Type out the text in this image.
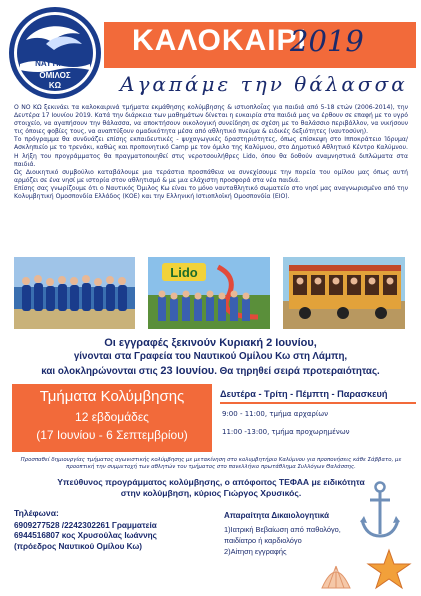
ΝΑΥΤΙΚΟΣ
ΟΜΙΛΟΣ
ΚΩ
ΚΑΛΟΚΑΙΡΙ
2019
Αγαπάμε την θάλασσα

Ο ΝΟ ΚΩ ξεκινάει τα καλοκαιρινά τμήματα εκμάθησης κολύμβησης & ιστιοπλοΐας για παιδιά από 5-18 ετών (2006-2014), την Δευτέρα 17 Ιουνίου 2019. Κατά την διάρκεια των μαθημάτων δίνεται η ευκαιρία στα παιδιά μας να έρθουν σε επαφή με το υγρό στοιχείο, να αγαπήσουν την θάλασσα, να αποκτήσουν οικολογική συνείδηση σε σχέση με το θαλάσσιο περιβάλλον, να νικήσουν τις όποιες φοβίες τους, να αναπτύξουν ομαδικότητα μέσα από αθλητικό πνεύμα & ειδικές δεξιότητες (ναυτοσύνη).

Το πρόγραμμα θα συνδυάζει επίσης εκπαιδευτικές - ψυχαγωγικές δραστηριότητες, όπως επίσκεψη στο Ιπποκράτειο Ίδρυμα/Ασκληπιείο με το τρενάκι, καθώς και προπονητικό Camp με τον όμιλο της Καλύμνου, στο Δημοτικό Αθλητικό Κέντρο Καλύμνου. Η λήξη του προγράμματος θα πραγματοποιηθεί στις νεροτσουλήθρες Lido, όπου θα δοθούν αναμνηστικά διπλώματα στα παιδιά.

Ως Διοικητικό συμβούλιο καταβάλουμε μια τεράστια προσπάθεια να συνεχίσουμε την πορεία του ομίλου μας όπως αυτή αρμόζει σε ένα νησί με ιστορία στον αθλητισμό & με μια ελάχιστη προσφορά στα νέα παιδιά.

Επίσης σας γνωρίζουμε ότι ο Ναυτικός Όμιλος Κω είναι το μόνο ναυταθλητικό σωματείο στο νησί μας αναγνωρισμένο από την Κολυμβητική Ομοσπονδία Ελλάδος (ΚΟΕ) και την Ελληνική Ιστιοπλοϊκή Ομοσπονδία (ΕΙΟ).

Lido
Οι εγγραφές ξεκινούν Κυριακή 2 Ιουνίου,
γίνονται στα Γραφεία του Ναυτικού Ομίλου Κω στη Λάμπη,
και ολοκληρώνονται στις 23 Ιουνίου. Θα τηρηθεί σειρά προτεραιότητας.
Τμήματα Κολύμβησης
12 εβδομάδες
(17 Ιουνίου - 6 Σεπτεμβρίου)
Δευτέρα - Τρίτη - Πέμπτη - Παρασκευή
9:00 - 11:00, τμήμα αρχαρίων
11:00 -13:00, τμήμα προχωρημένων
Προσπαθεί δημιουργίας τμήματος αγωνιστικής κολύμβησης με μετακίνηση στο κολυμβητήριο Καλύμνου για προπονήσεις κάθε Σάββατο, με προοπτική την συμμετοχή των αθλητών του τμήματος στο πανελλήνιο πρωτάθλημα Συλλόγων Θαλάσσης.
Υπεύθυνος προγράμματος κολύμβησης, ο απόφοιτος ΤΕΦΑΑ με ειδικότητα
στην κολύμβηση, κύριος Γιώργος Χρυσικός.
Τηλέφωνα:
6909277528 /2242302261 Γραμματεία
6944516807 κος Χρυσούλας Ιωάννης
(πρόεδρος Ναυτικού Ομίλου Κω)
Απαραίτητα Δικαιολογητικά
1)Ιατρική Βεβαίωση από παθολόγο,
παιδίατρο ή καρδιολόγο
2)Αίτηση εγγραφής
